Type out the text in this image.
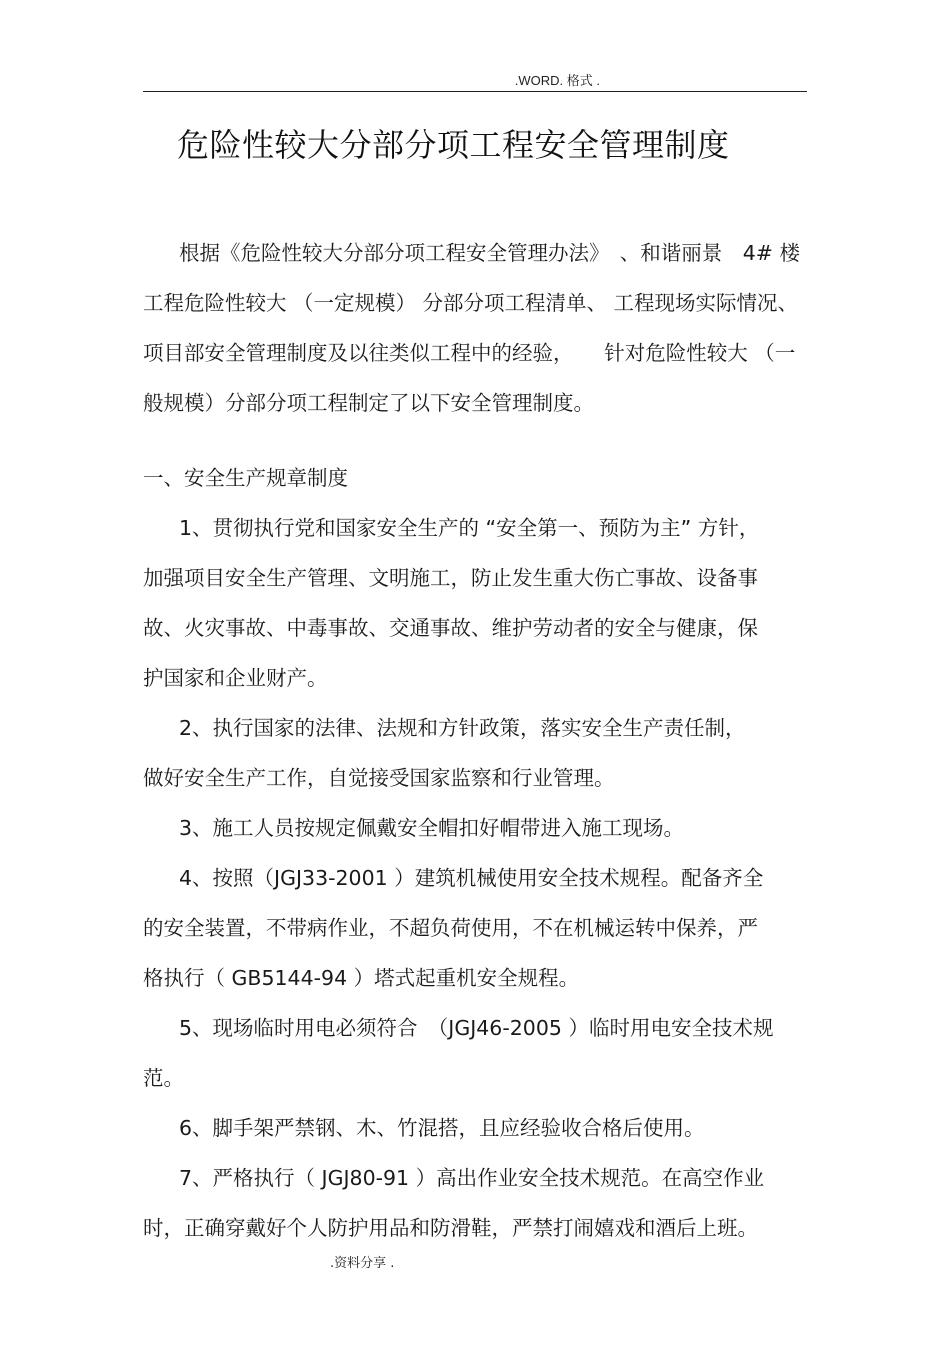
.WORD. 格式 .
危险性较大分部分项工程安全管理制度
根据《危险性较大分部分项工程安全管理办法》　、和谐丽景　4# 楼
工程危险性较大 （一定规模） 分部分项工程清单、 工程现场实际情况、
项目部安全管理制度及以往类似工程中的经验，　　针对危险性较大 （一
般规模）分部分项工程制定了以下安全管理制度。
一、安全生产规章制度
1、贯彻执行党和国家安全生产的 “安全第一、预防为主” 方针，
加强项目安全生产管理、文明施工，防止发生重大伤亡事故、设备事
故、火灾事故、中毒事故、交通事故、维护劳动者的安全与健康，保
护国家和企业财产。
2、执行国家的法律、法规和方针政策，落实安全生产责任制，
做好安全生产工作，自觉接受国家监察和行业管理。
3、施工人员按规定佩戴安全帽扣好帽带进入施工现场。
4、按照（JGJ33-2001 ）建筑机械使用安全技术规程。配备齐全
的安全装置，不带病作业，不超负荷使用，不在机械运转中保养，严
格执行（ GB5144-94 ）塔式起重机安全规程。
5、现场临时用电必须符合　（JGJ46-2005 ）临时用电安全技术规
范。
6、脚手架严禁钢、木、竹混搭，且应经验收合格后使用。
7、严格执行（ JGJ80-91 ）高出作业安全技术规范。在高空作业
时，正确穿戴好个人防护用品和防滑鞋，严禁打闹嬉戏和酒后上班。
.资料分享 .
